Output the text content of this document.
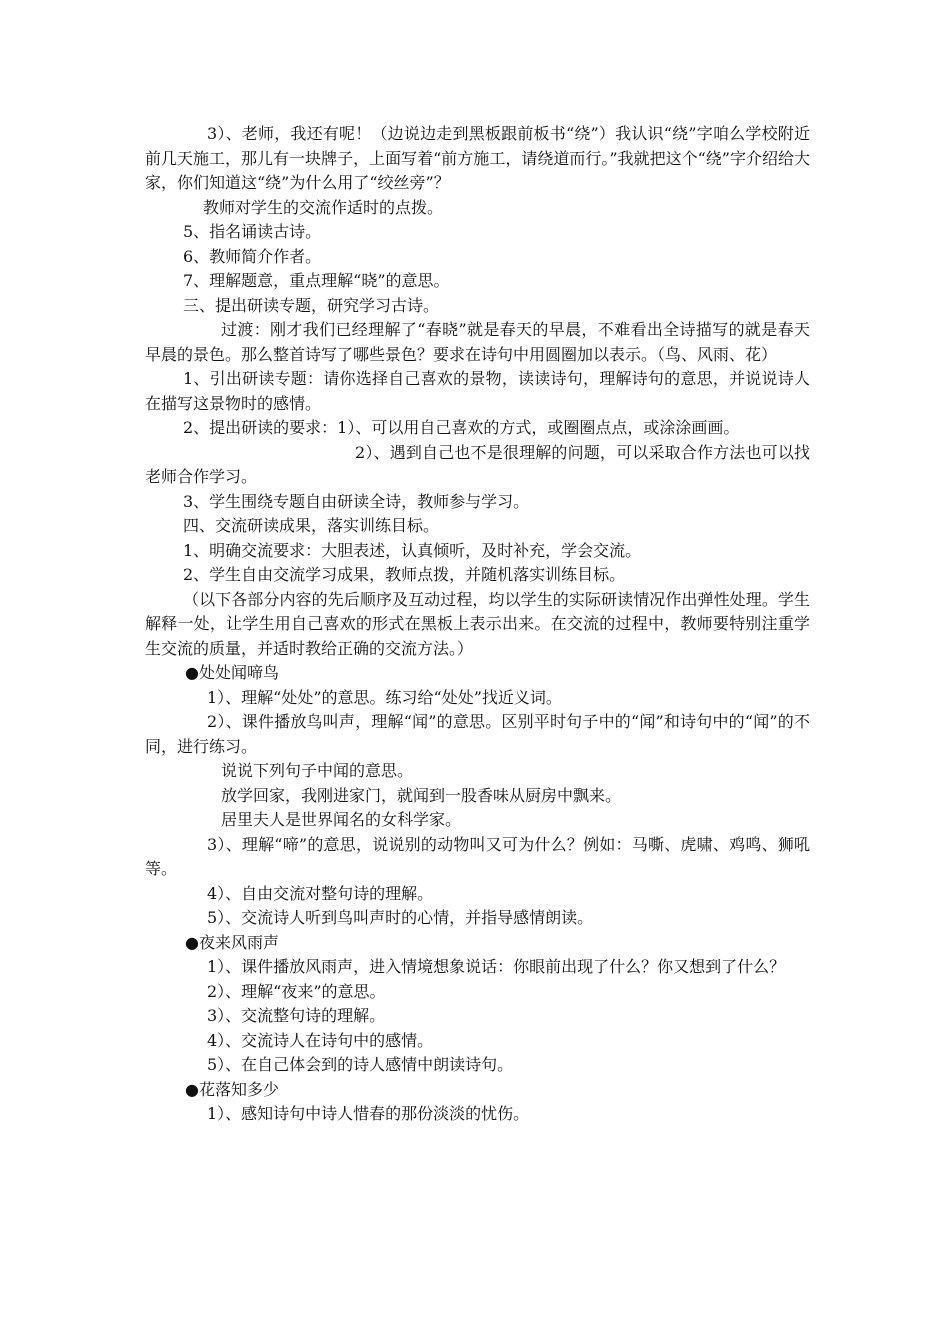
3）、老师，我还有呢！（边说边走到黑板跟前板书“绕”）我认识“绕”字咱么学校附近前几天施工，那儿有一块牌子，上面写着“前方施工，请绕道而行。”我就把这个“绕”字介绍给大家，你们知道这“绕”为什么用了“绞丝旁”？

教师对学生的交流作适时的点拨。

5、指名诵读古诗。

6、教师简介作者。

7、理解题意，重点理解“晓”的意思。

三、提出研读专题，研究学习古诗。

过渡：刚才我们已经理解了“春晓”就是春天的早晨，不难看出全诗描写的就是春天早晨的景色。那么整首诗写了哪些景色？要求在诗句中用圆圈加以表示。（鸟、风雨、花）

1、引出研读专题：请你选择自己喜欢的景物，读读诗句，理解诗句的意思，并说说诗人在描写这景物时的感情。

2、提出研读的要求：1）、可以用自己喜欢的方式，或圈圈点点，或涂涂画画。

2）、遇到自己也不是很理解的问题，可以采取合作方法也可以找老师合作学习。

3、学生围绕专题自由研读全诗，教师参与学习。

四、交流研读成果，落实训练目标。

1、明确交流要求：大胆表述，认真倾听，及时补充，学会交流。

2、学生自由交流学习成果，教师点拨，并随机落实训练目标。

（以下各部分内容的先后顺序及互动过程，均以学生的实际研读情况作出弹性处理。学生解释一处，让学生用自己喜欢的形式在黑板上表示出来。在交流的过程中，教师要特别注重学生交流的质量，并适时教给正确的交流方法。）

●处处闻啼鸟

1）、理解“处处”的意思。练习给“处处”找近义词。

2）、课件播放鸟叫声，理解“闻”的意思。区别平时句子中的“闻”和诗句中的“闻”的不同，进行练习。

说说下列句子中闻的意思。

放学回家，我刚进家门，就闻到一股香味从厨房中飘来。

居里夫人是世界闻名的女科学家。

3）、理解“啼”的意思，说说别的动物叫又可为什么？例如：马嘶、虎啸、鸡鸣、狮吼等。

4）、自由交流对整句诗的理解。

5）、交流诗人听到鸟叫声时的心情，并指导感情朗读。

●夜来风雨声

1）、课件播放风雨声，进入情境想象说话：你眼前出现了什么？你又想到了什么？

2）、理解“夜来”的意思。

3）、交流整句诗的理解。

4）、交流诗人在诗句中的感情。

5）、在自己体会到的诗人感情中朗读诗句。

●花落知多少

1）、感知诗句中诗人惜春的那份淡淡的忧伤。
